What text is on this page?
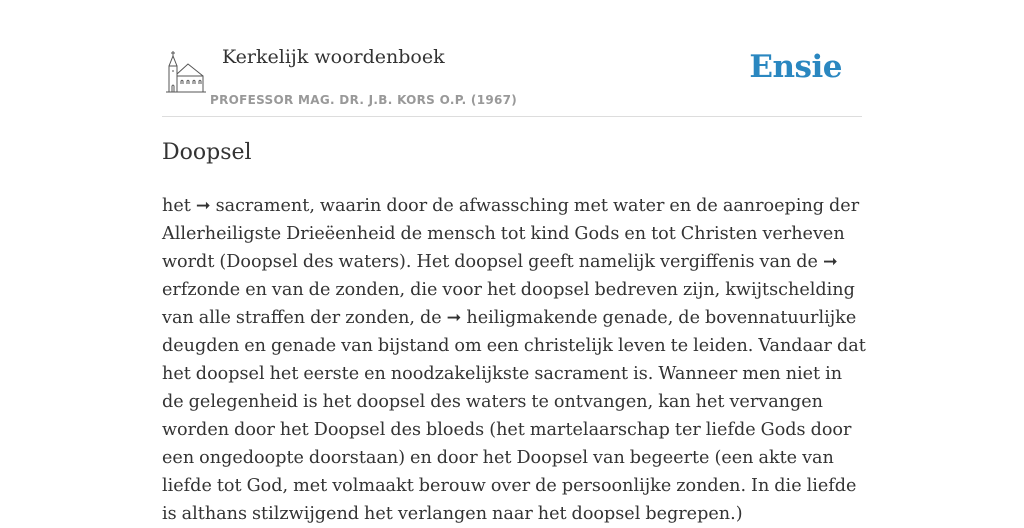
Kerkelijk woordenboek
PROFESSOR MAG. DR. J.B. KORS O.P. (1967)
Ensie
Doopsel

het ➞ sacrament, waarin door de afwassching met water en de aanroeping der Allerheiligste Drieëenheid de mensch tot kind Gods en tot Christen verheven wordt (Doopsel des waters). Het doopsel geeft namelijk vergiffenis van de ➞ erfzonde en van de zonden, die voor het doopsel bedreven zijn, kwijtschelding van alle straffen der zonden, de ➞ heiligmakende genade, de bovennatuurlijke deugden en genade van bijstand om een christelijk leven te leiden. Vandaar dat het doopsel het eerste en noodzakelijkste sacrament is. Wanneer men niet in de gelegenheid is het doopsel des waters te ontvangen, kan het vervangen worden door het Doopsel des bloeds (het martelaarschap ter liefde Gods door een ongedoopte doorstaan) en door het Doopsel van begeerte (een akte van liefde tot God, met volmaakt berouw over de persoonlijke zonden. In die liefde is althans stilzwijgend het verlangen naar het doopsel begrepen.)
